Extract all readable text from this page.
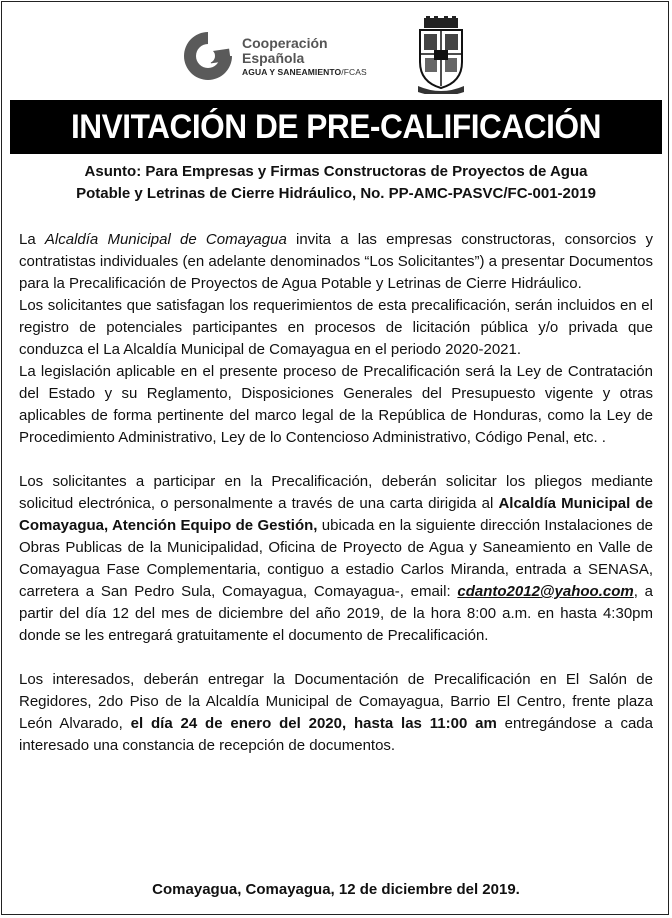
Cooperación
Española
AGUA Y SANEAMIENTO/FCAS
INVITACIÓN DE PRE-CALIFICACIÓN
Asunto: Para Empresas y Firmas Constructoras de Proyectos de Agua
Potable y Letrinas de Cierre Hidráulico, No. PP-AMC-PASVC/FC-001-2019

La Alcaldía Municipal de Comayagua invita a las empresas constructoras, consorcios y contratistas individuales (en adelante denominados “Los Solicitantes”) a presentar Documentos para la Precalificación de Proyectos de Agua Potable y Letrinas de Cierre Hidráulico.

Los solicitantes que satisfagan los requerimientos de esta precalificación, serán incluidos en el registro de potenciales participantes en procesos de licitación pública y/o privada que conduzca el La Alcaldía Municipal de Comayagua en el periodo 2020-2021.

La legislación aplicable en el presente proceso de Precalificación será la Ley de Contratación del Estado y su Reglamento, Disposiciones Generales del Presupuesto vigente y otras aplicables de forma pertinente del marco legal de la República de Honduras, como la Ley de Procedimiento Administrativo, Ley de lo Contencioso Administrativo, Código Penal, etc. .

Los solicitantes a participar en la Precalificación, deberán solicitar los pliegos mediante solicitud electrónica, o personalmente a través de una carta dirigida al Alcaldía Municipal de Comayagua, Atención Equipo de Gestión, ubicada en la siguiente dirección Instalaciones de Obras Publicas de la Municipalidad, Oficina de Proyecto de Agua y Saneamiento en Valle de Comayagua Fase Complementaria, contiguo a estadio Carlos Miranda, entrada a SENASA, carretera a San Pedro Sula, Comayagua, Comayagua-, email: cdanto2012@yahoo.com, a partir del día 12 del mes de diciembre del año 2019, de la hora 8:00 a.m. en hasta 4:30pm donde se les entregará gratuitamente el documento de Precalificación.

Los interesados, deberán entregar la Documentación de Precalificación en El Salón de Regidores, 2do Piso de la Alcaldía Municipal de Comayagua, Barrio El Centro, frente plaza León Alvarado, el día 24 de enero del 2020, hasta las 11:00 am entregándose a cada interesado una constancia de recepción de documentos.

Comayagua, Comayagua, 12 de diciembre del 2019.
